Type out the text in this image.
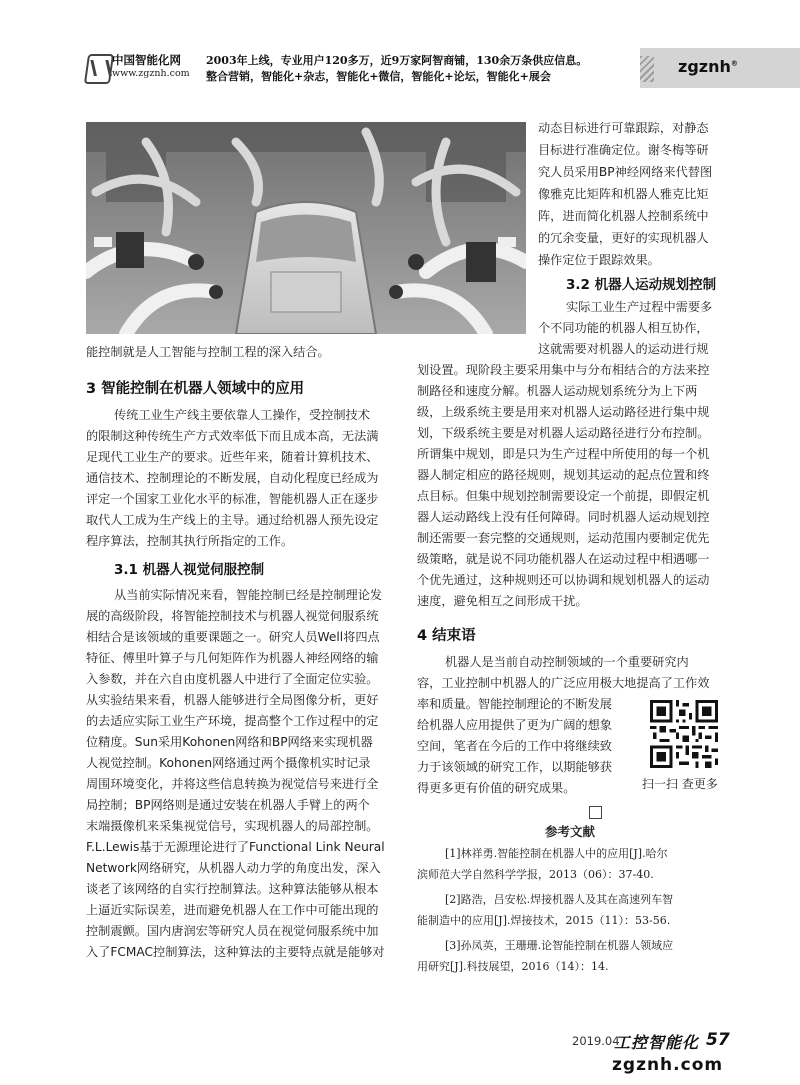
中国智能化网
www.zgznh.com
2003年上线，专业用户120多万，近9万家阿智商铺，130余万条供应信息。
整合营销，智能化+杂志，智能化+微信，智能化+论坛，智能化+展会
zgznh®
能控制就是人工智能与控制工程的深入结合。
3 智能控制在机器人领域中的应用
传统工业生产线主要依靠人工操作，受控制技术
的限制这种传统生产方式效率低下而且成本高，无法满
足现代工业生产的要求。近些年来，随着计算机技术、
通信技术、控制理论的不断发展，自动化程度已经成为
评定一个国家工业化水平的标准，智能机器人正在逐步
取代人工成为生产线上的主导。通过给机器人预先设定
程序算法，控制其执行所指定的工作。
3.1 机器人视觉伺服控制
从当前实际情况来看，智能控制已经是控制理论发
展的高级阶段，将智能控制技术与机器人视觉伺服系统
相结合是该领域的重要课题之一。研究人员Well将四点
特征、傅里叶算子与几何矩阵作为机器人神经网络的输
入参数，并在六自由度机器人中进行了全面定位实验。
从实验结果来看，机器人能够进行全局图像分析，更好
的去适应实际工业生产环境，提高整个工作过程中的定
位精度。Sun采用Kohonen网络和BP网络来实现机器
人视觉控制。Kohonen网络通过两个摄像机实时记录
周围环境变化，并将这些信息转换为视觉信号来进行全
局控制；BP网络则是通过安装在机器人手臂上的两个
末端摄像机来采集视觉信号，实现机器人的局部控制。
F.L.Lewis基于无源理论进行了Functional Link Neural
Network网络研究，从机器人动力学的角度出发，深入
谈老了该网络的自实行控制算法。这种算法能够从根本
上逼近实际误差，进而避免机器人在工作中可能出现的
控制震颤。国内唐润宏等研究人员在视觉伺服系统中加
入了FCMAC控制算法，这种算法的主要特点就是能够对
动态目标进行可靠跟踪，对静态
目标进行准确定位。谢冬梅等研
究人员采用BP神经网络来代替图
像雅克比矩阵和机器人雅克比矩
阵，进而简化机器人控制系统中
的冗余变量，更好的实现机器人
操作定位于跟踪效果。
3.2 机器人运动规划控制
实际工业生产过程中需要多
个不同功能的机器人相互协作，
这就需要对机器人的运动进行规
划设置。现阶段主要采用集中与分布相结合的方法来控
制路径和速度分解。机器人运动规划系统分为上下两
级，上级系统主要是用来对机器人运动路径进行集中规
划，下级系统主要是对机器人运动路径进行分布控制。
所谓集中规划，即是只为生产过程中所使用的每一个机
器人制定相应的路径规则，规划其运动的起点位置和终
点目标。但集中规划控制需要设定一个前提，即假定机
器人运动路线上没有任何障碍。同时机器人运动规划控
制还需要一套完整的交通规则，运动范围内要制定优先
级策略，就是说不同功能机器人在运动过程中相遇哪一
个优先通过，这种规则还可以协调和规划机器人的运动
速度，避免相互之间形成干扰。
4 结束语
机器人是当前自动控制领域的一个重要研究内
容，工业控制中机器人的广泛应用极大地提高了工作效
率和质量。智能控制理论的不断发展
给机器人应用提供了更为广阔的想象
空间，笔者在今后的工作中将继续致
力于该领域的研究工作，以期能够获
得更多更有价值的研究成果。	扫一扫 查更多
参考文献
[1]林祥勇.智能控制在机器人中的应用[J].哈尔
滨师范大学自然科学学报，2013（06）：37-40.
[2]路浩，吕安松.焊接机器人及其在高速列车智
能制造中的应用[J].焊接技术，2015（11）：53-56.
[3]孙凤英，王珊珊.论智能控制在机器人领域应
用研究[J].科技展望，2016（14）：14.
2019.04
工控智能化 57
zgznh.com
